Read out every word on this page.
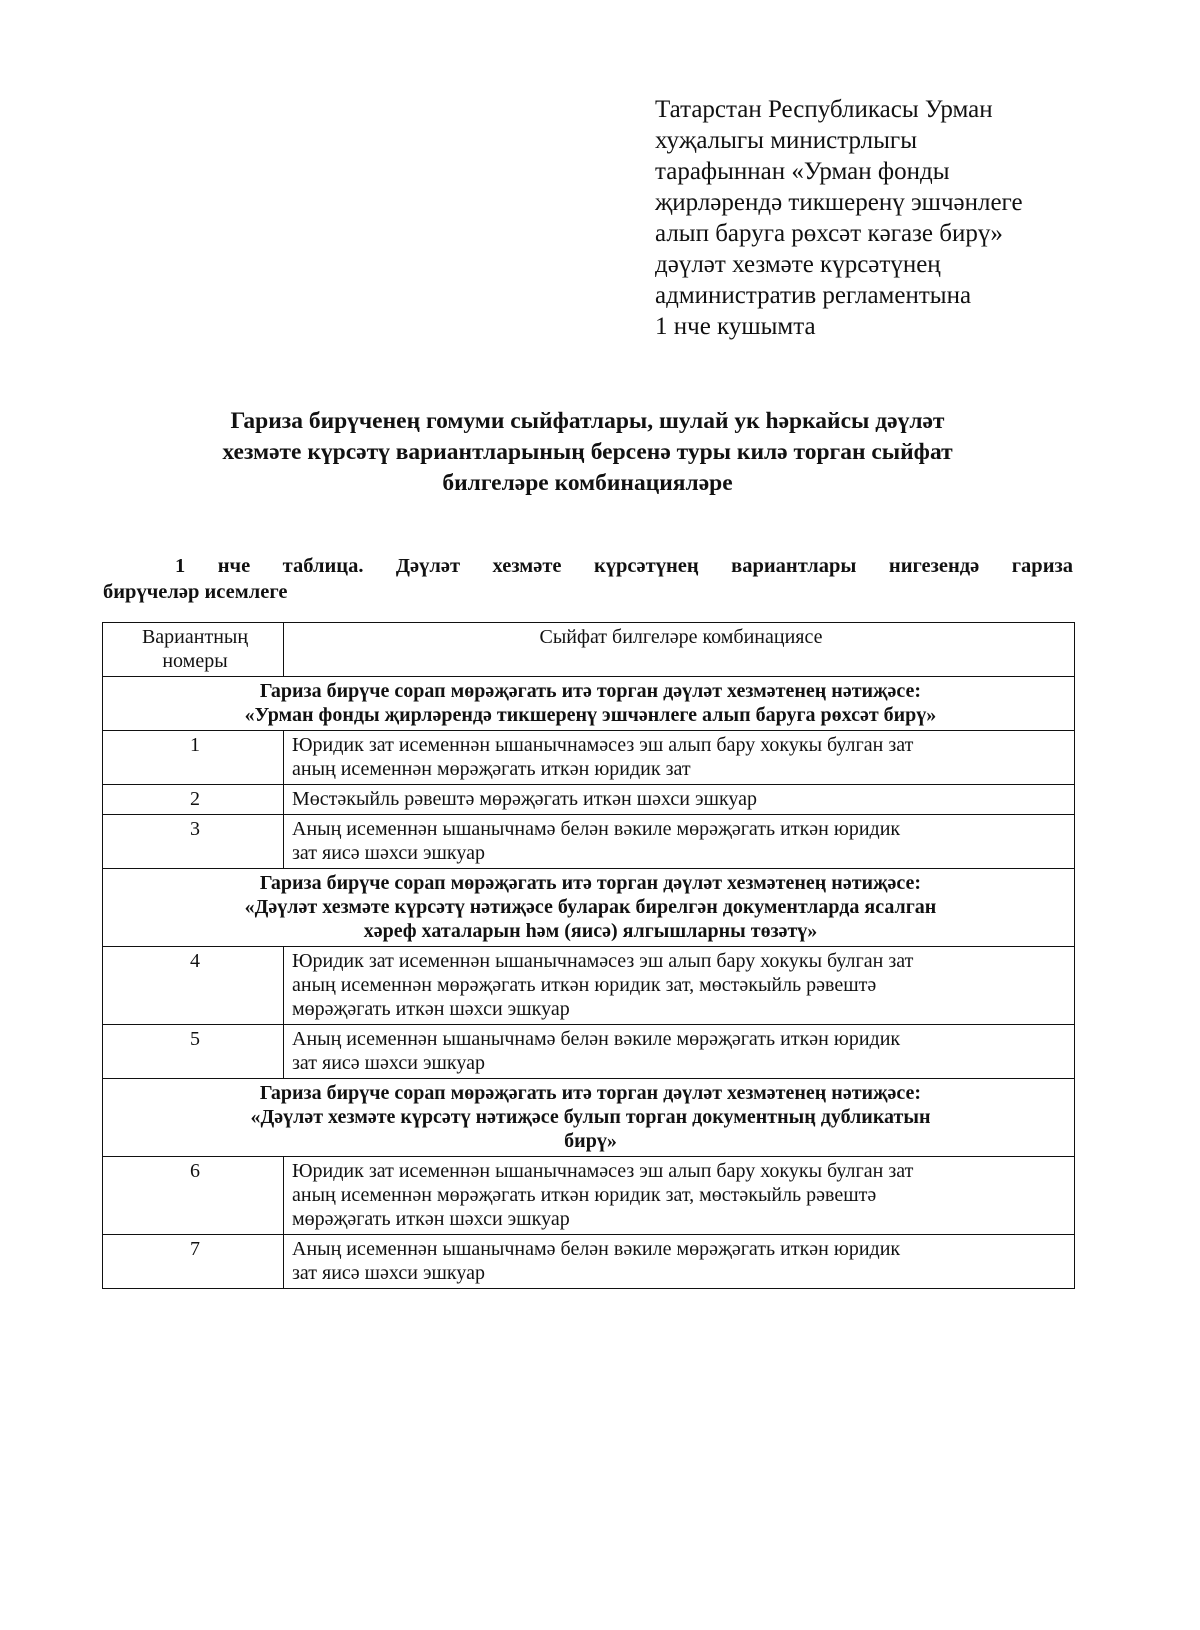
Татарстан Республикасы Урман
хуҗалыгы министрлыгы
тарафыннан «Урман фонды
җирләрендә тикшеренү эшчәнлеге
алып баруга рөхсәт кәгазе бирү»
дәүләт хезмәте күрсәтүнең
административ регламентына
1 нче кушымта
Гариза бирүченең гомуми сыйфатлары, шулай ук һәркайсы дәүләт
хезмәте күрсәтү вариантларының берсенә туры килә торган сыйфат
билгеләре комбинацияләре
1 нче таблица. Дәүләт хезмәте күрсәтүнең вариантлары нигезендә гариза
бирүчеләр исемлеге
Вариантның номеры	Сыйфат билгеләре комбинациясе

Гариза бирүче сорап мөрәҗәгать итә торган дәүләт хезмәтенең нәтиҗәсе:
«Урман фонды җирләрендә тикшеренү эшчәнлеге алып баруга рөхсәт бирү»	

1	Юридик зат исеменнән ышанычнамәсез эш алып бару хокукы булган зат
аның исеменнән мөрәҗәгать иткән юридик зат

2	Мөстәкыйль рәвештә мөрәҗәгать иткән шәхси эшкуар

3	Аның исеменнән ышанычнамә белән вәкиле мөрәҗәгать иткән юридик
зат яисә шәхси эшкуар

Гариза бирүче сорап мөрәҗәгать итә торган дәүләт хезмәтенең нәтиҗәсе:
«Дәүләт хезмәте күрсәтү нәтиҗәсе буларак бирелгән документларда ясалган
хәреф хаталарын һәм (яисә) ялгышларны төзәтү»	

4	Юридик зат исеменнән ышанычнамәсез эш алып бару хокукы булган зат
аның исеменнән мөрәҗәгать иткән юридик зат, мөстәкыйль рәвештә
мөрәҗәгать иткән шәхси эшкуар

5	Аның исеменнән ышанычнамә белән вәкиле мөрәҗәгать иткән юридик
зат яисә шәхси эшкуар

Гариза бирүче сорап мөрәҗәгать итә торган дәүләт хезмәтенең нәтиҗәсе:
«Дәүләт хезмәте күрсәтү нәтиҗәсе булып торган документның дубликатын
бирү»	

6	Юридик зат исеменнән ышанычнамәсез эш алып бару хокукы булган зат
аның исеменнән мөрәҗәгать иткән юридик зат, мөстәкыйль рәвештә
мөрәҗәгать иткән шәхси эшкуар

7	Аның исеменнән ышанычнамә белән вәкиле мөрәҗәгать иткән юридик
зат яисә шәхси эшкуар
